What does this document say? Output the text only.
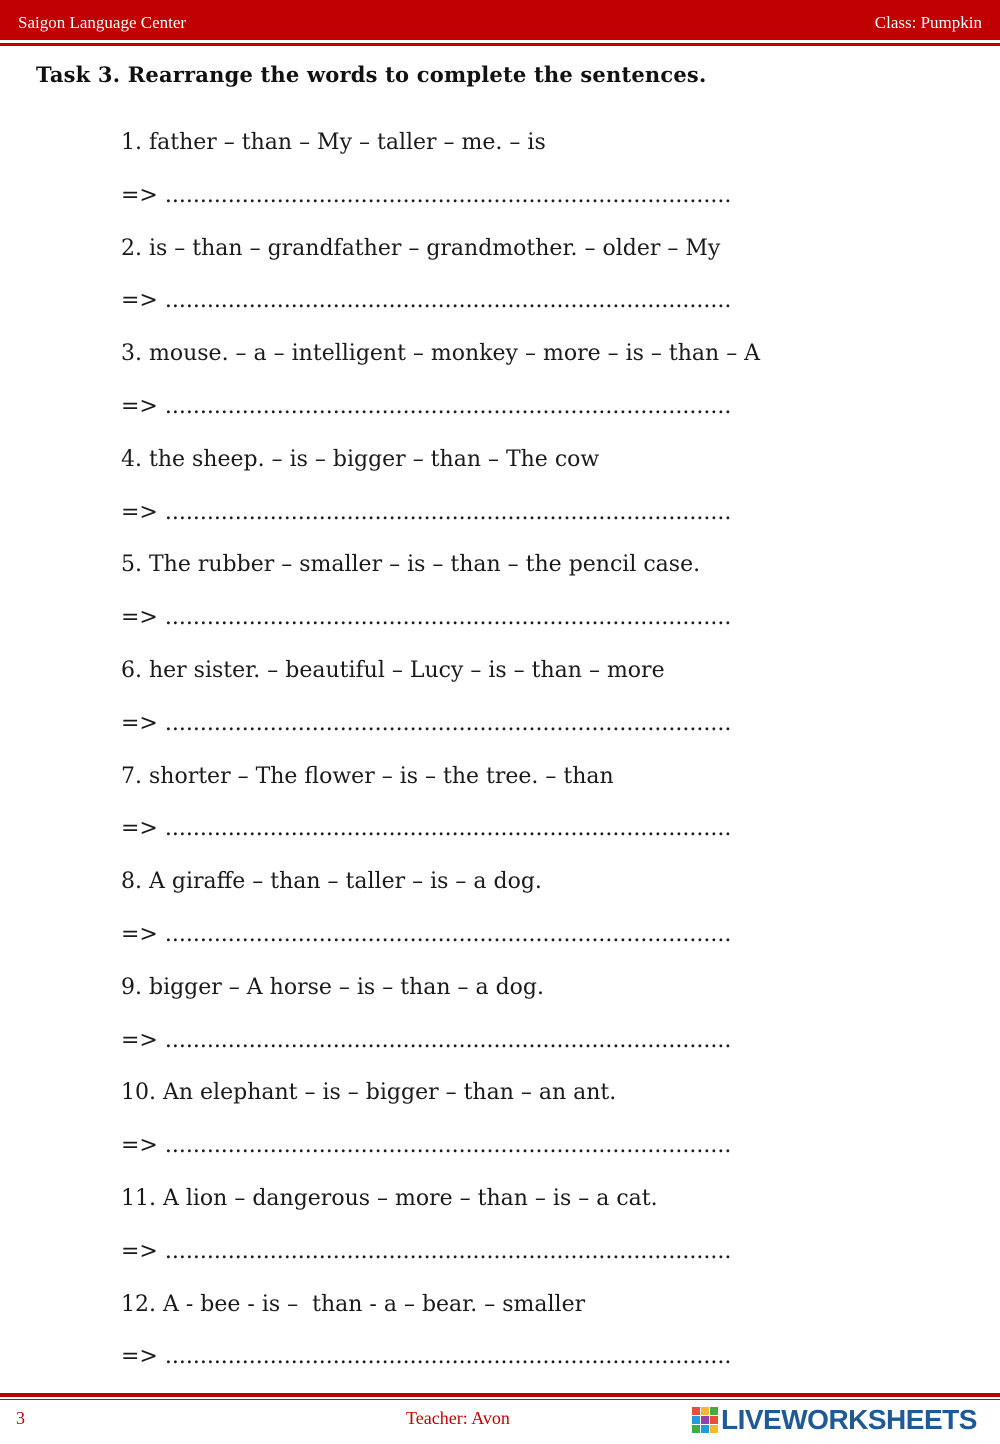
Saigon Language Center	Class: Pumpkin
Task 3. Rearrange the words to complete the sentences.
1. father – than – My – taller – me. – is
=> .................................................................................
2. is – than – grandfather – grandmother. – older – My
=> .................................................................................
3. mouse. – a – intelligent – monkey – more – is – than – A
=> .................................................................................
4. the sheep. – is – bigger – than – The cow
=> .................................................................................
5. The rubber – smaller – is – than – the pencil case.
=> .................................................................................
6. her sister. – beautiful – Lucy – is – than – more
=> .................................................................................
7. shorter – The flower – is – the tree. – than
=> .................................................................................
8. A giraffe – than – taller – is – a dog.
=> .................................................................................
9. bigger – A horse – is – than – a dog.
=> .................................................................................
10. An elephant – is – bigger – than – an ant.
=> .................................................................................
11. A lion – dangerous – more – than – is – a cat.
=> .................................................................................
12. A - bee - is –  than - a – bear. – smaller
=> .................................................................................
3	Teacher: Avon	LIVEWORKSHEETS
